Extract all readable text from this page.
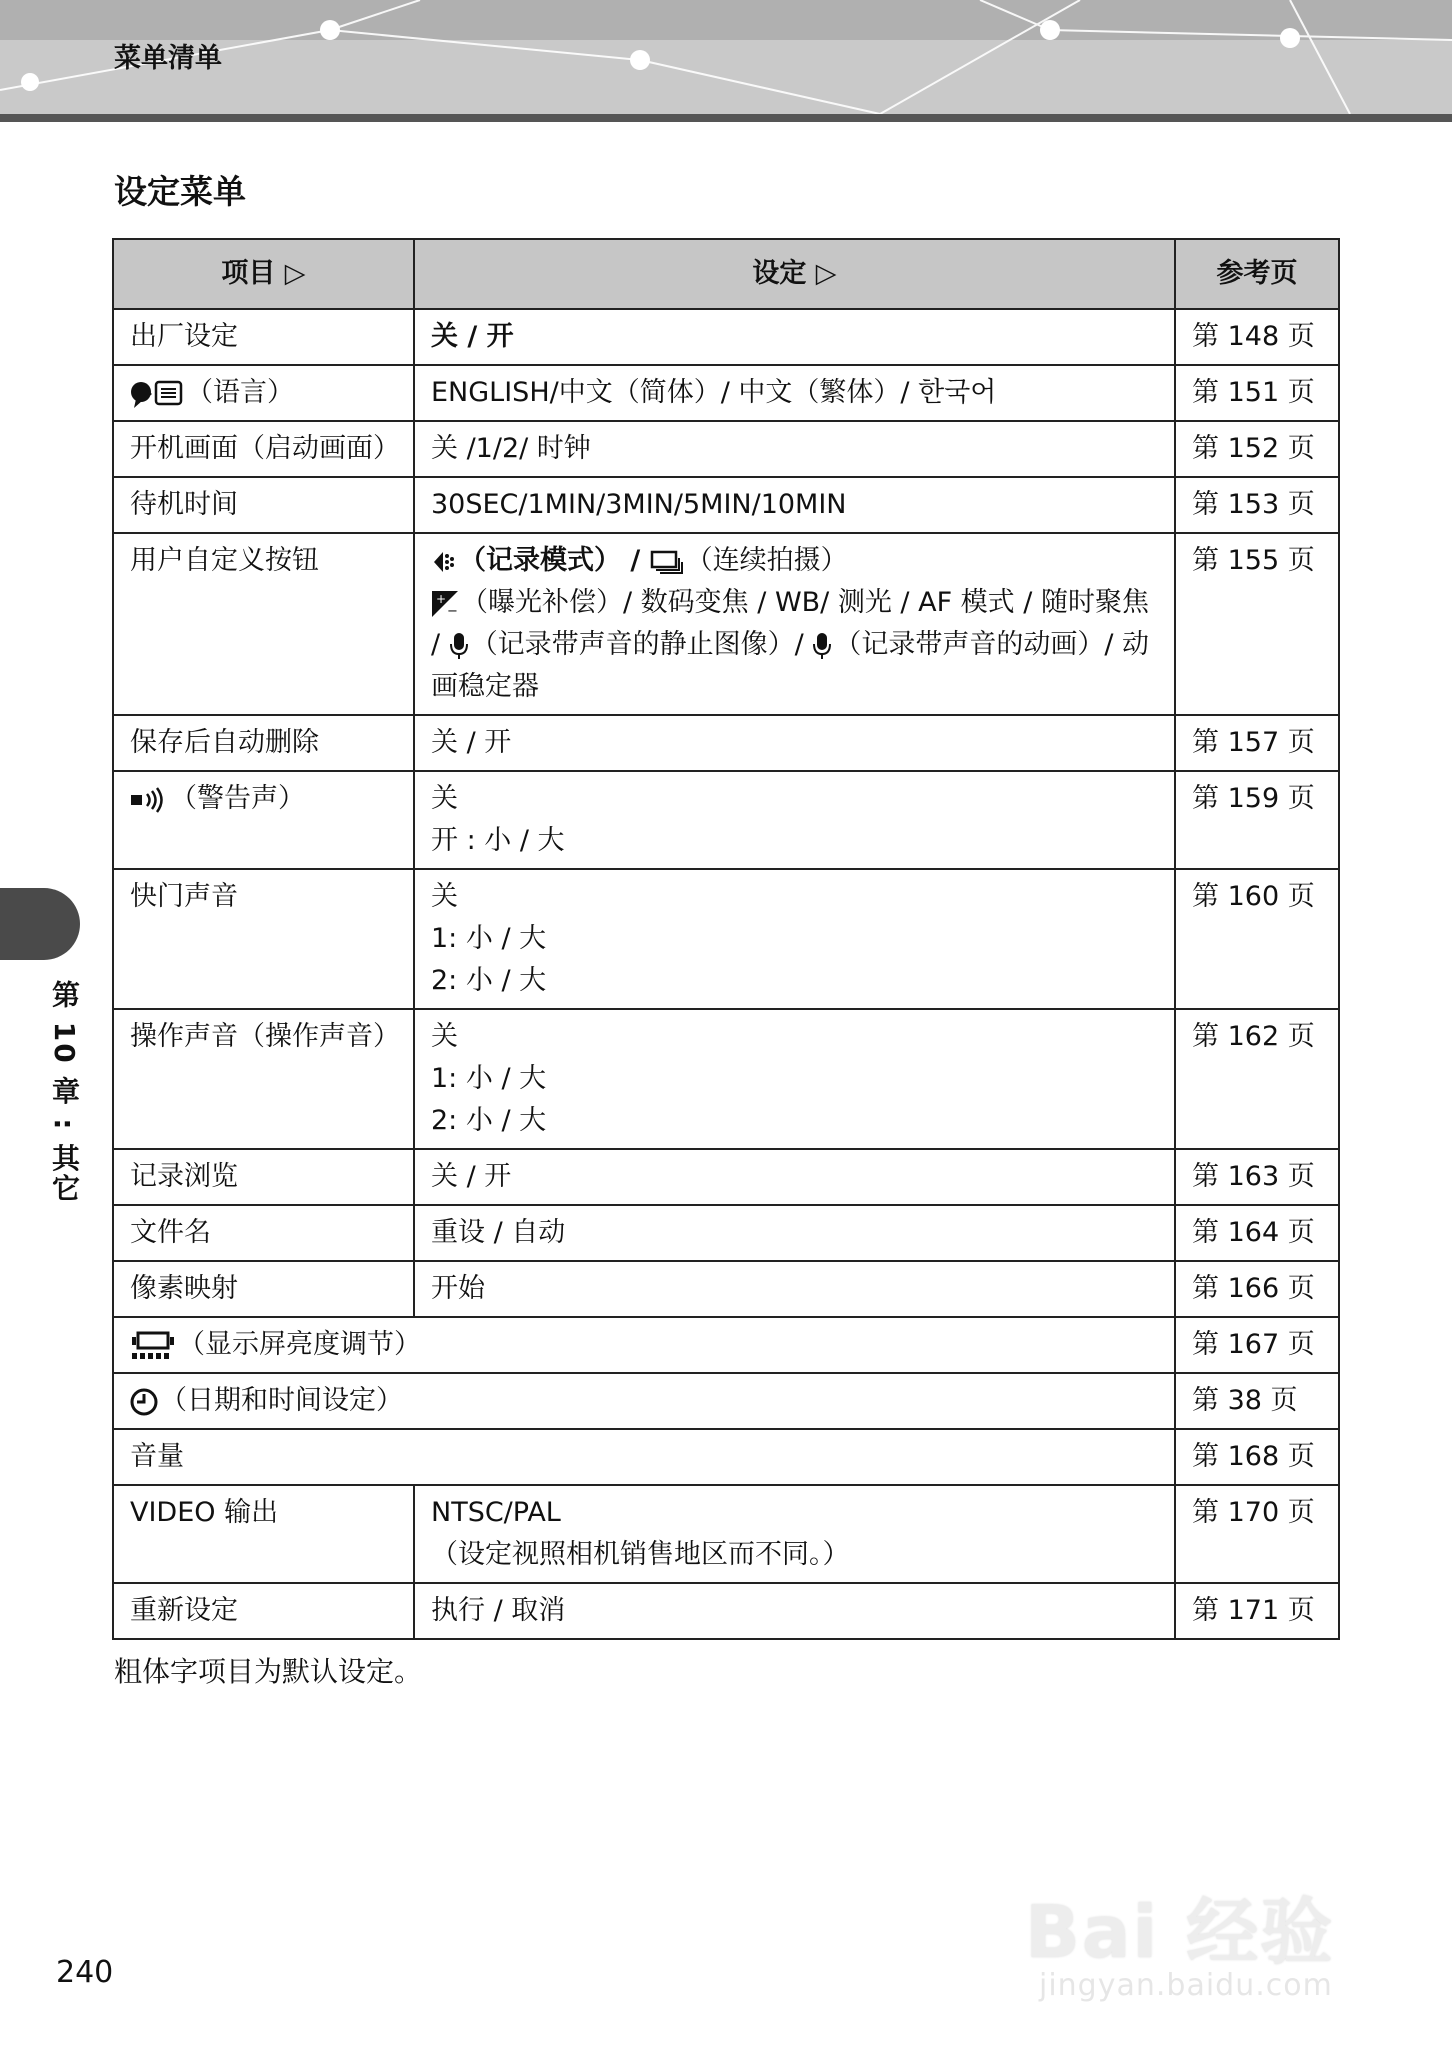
菜单清单
设定菜单
项目 ▷	设定 ▷	参考页
出厂设定	关 / 开	第 148 页
（语言）	ENGLISH/中文（简体）/ 中文（繁体）/ 한국어	第 151 页
开机画面（启动画面）	关 /1/2/ 时钟	第 152 页
待机时间	30SEC/1MIN/3MIN/5MIN/10MIN	第 153 页
用户自定义按钮	（记录模式） / （连续拍摄）

+
− （曝光补偿）/ 数码变焦 / WB/ 测光 / AF 模式 / 随时聚焦 / （记录带声音的静止图像）/ （记录带声音的动画）/ 动画稳定器	第 155 页
保存后自动删除	关 / 开	第 157 页
（警告声）	关
开 : 小 / 大	第 159 页
快门声音	关
1: 小 / 大
2: 小 / 大	第 160 页
操作声音（操作声音）	关
1: 小 / 大
2: 小 / 大	第 162 页
记录浏览	关 / 开	第 163 页
文件名	重设 / 自动	第 164 页
像素映射	开始	第 166 页
（显示屏亮度调节）		第 167 页
（日期和时间设定）		第 38 页
音量		第 168 页
VIDEO 输出	NTSC/PAL
（设定视照相机销售地区而不同。）	第 170 页
重新设定	执行 / 取消	第 171 页
粗体字项目为默认设定。
第 10 章 : 其它
240	Bai 经验
jingyan.baidu.com
